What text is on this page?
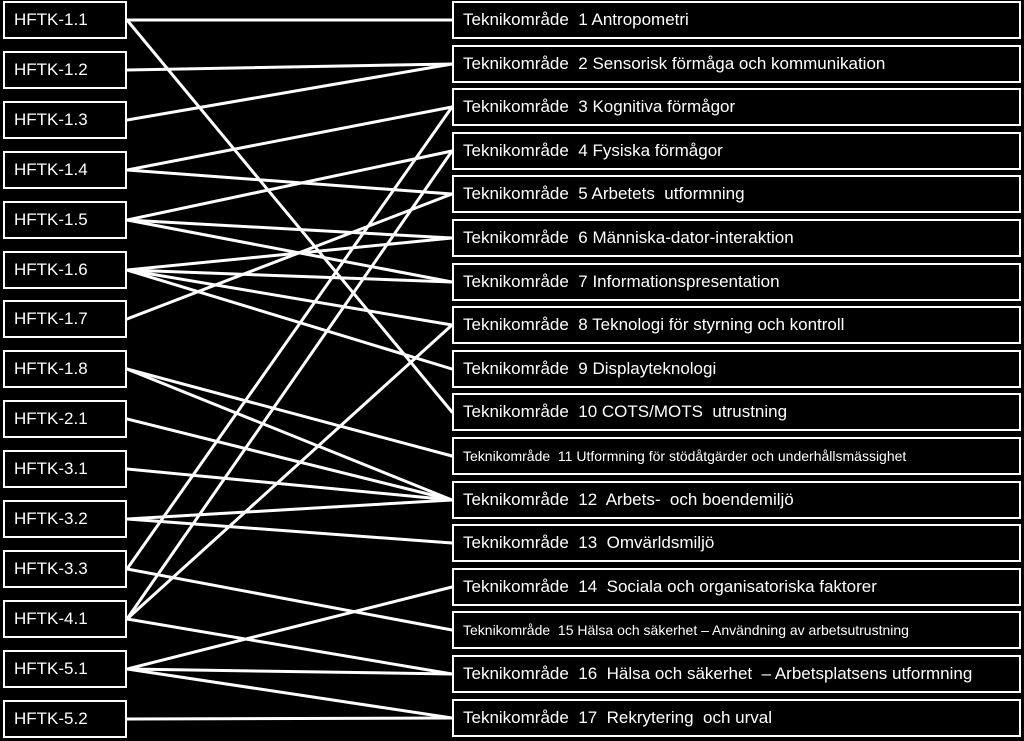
HFTK-1.1
HFTK-1.2
HFTK-1.3
HFTK-1.4
HFTK-1.5
HFTK-1.6
HFTK-1.7
HFTK-1.8
HFTK-2.1
HFTK-3.1
HFTK-3.2
HFTK-3.3
HFTK-4.1
HFTK-5.1
HFTK-5.2
Teknikområde  1 Antropometri
Teknikområde  2 Sensorisk förmåga och kommunikation
Teknikområde  3 Kognitiva förmågor
Teknikområde  4 Fysiska förmågor
Teknikområde  5 Arbetets  utformning
Teknikområde  6 Människa-dator-interaktion
Teknikområde  7 Informationspresentation
Teknikområde  8 Teknologi för styrning och kontroll
Teknikområde  9 Displayteknologi
Teknikområde  10 COTS/MOTS  utrustning
Teknikområde  11 Utformning för stödåtgärder och underhållsmässighet
Teknikområde  12  Arbets-  och boendemiljö
Teknikområde  13  Omvärldsmiljö
Teknikområde  14  Sociala och organisatoriska faktorer
Teknikområde  15 Hälsa och säkerhet – Användning av arbetsutrustning
Teknikområde  16  Hälsa och säkerhet  – Arbetsplatsens utformning
Teknikområde  17  Rekrytering  och urval
